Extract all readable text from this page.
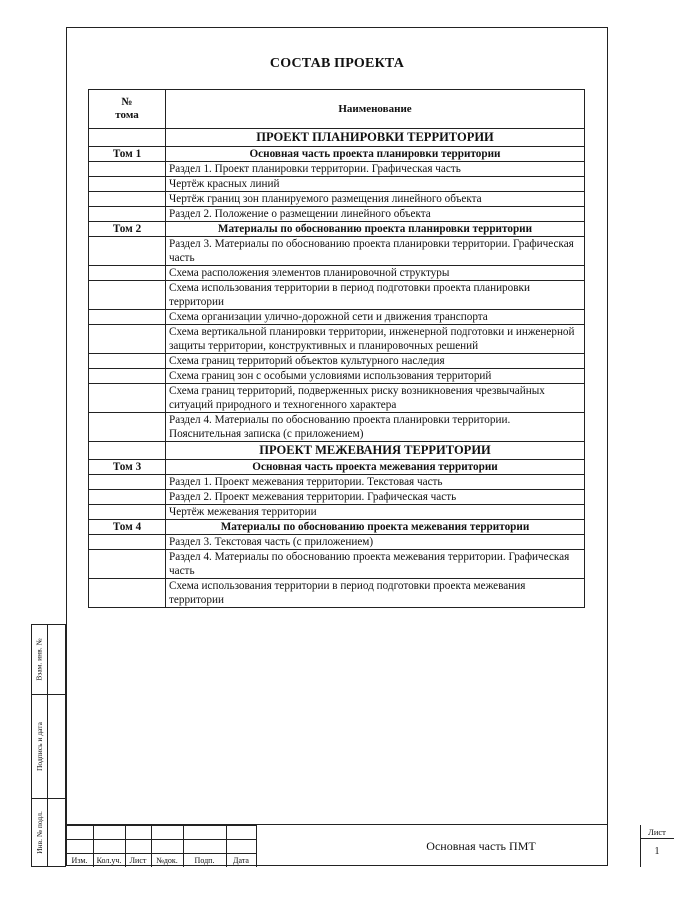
СОСТАВ ПРОЕКТА
№
тома	Наименование
	ПРОЕКТ ПЛАНИРОВКИ ТЕРРИТОРИИ
Том 1	Основная часть проекта планировки территории
	Раздел 1. Проект планировки территории. Графическая часть
	Чертёж красных линий
	Чертёж границ зон планируемого размещения линейного объекта
	Раздел 2. Положение о размещении линейного объекта
Том 2	Материалы по обоснованию проекта планировки территории
	Раздел 3. Материалы по обоснованию проекта планировки территории. Графическая часть
	Схема расположения элементов планировочной структуры
	Схема использования территории в период подготовки проекта планировки территории
	Схема организации улично-дорожной сети и движения транспорта
	Схема вертикальной планировки территории, инженерной подготовки и инженерной защиты территории, конструктивных и планировочных решений
	Схема границ территорий объектов культурного наследия
	Схема границ зон с особыми условиями использования территорий
	Схема границ территорий, подверженных риску возникновения чрезвычайных ситуаций природного и техногенного характера
	Раздел 4. Материалы по обоснованию проекта планировки территории. Пояснительная записка (с приложением)
	ПРОЕКТ МЕЖЕВАНИЯ ТЕРРИТОРИИ
Том 3	Основная часть проекта межевания территории
	Раздел 1. Проект межевания территории. Текстовая часть
	Раздел 2. Проект межевания территории. Графическая часть
	Чертёж межевания территории
Том 4	Материалы по обоснованию проекта межевания территории
	Раздел 3. Текстовая часть (с приложением)
	Раздел 4. Материалы по обоснованию проекта межевания территории. Графическая часть
	Схема использования территории в период подготовки проекта межевания территории
Взам. инв. №
Подпись и дата
Инв. № подл.
Изм.	Кол.уч.	Лист	№док.	Подп.	Дата
Основная часть ПМТ
Лист
1
